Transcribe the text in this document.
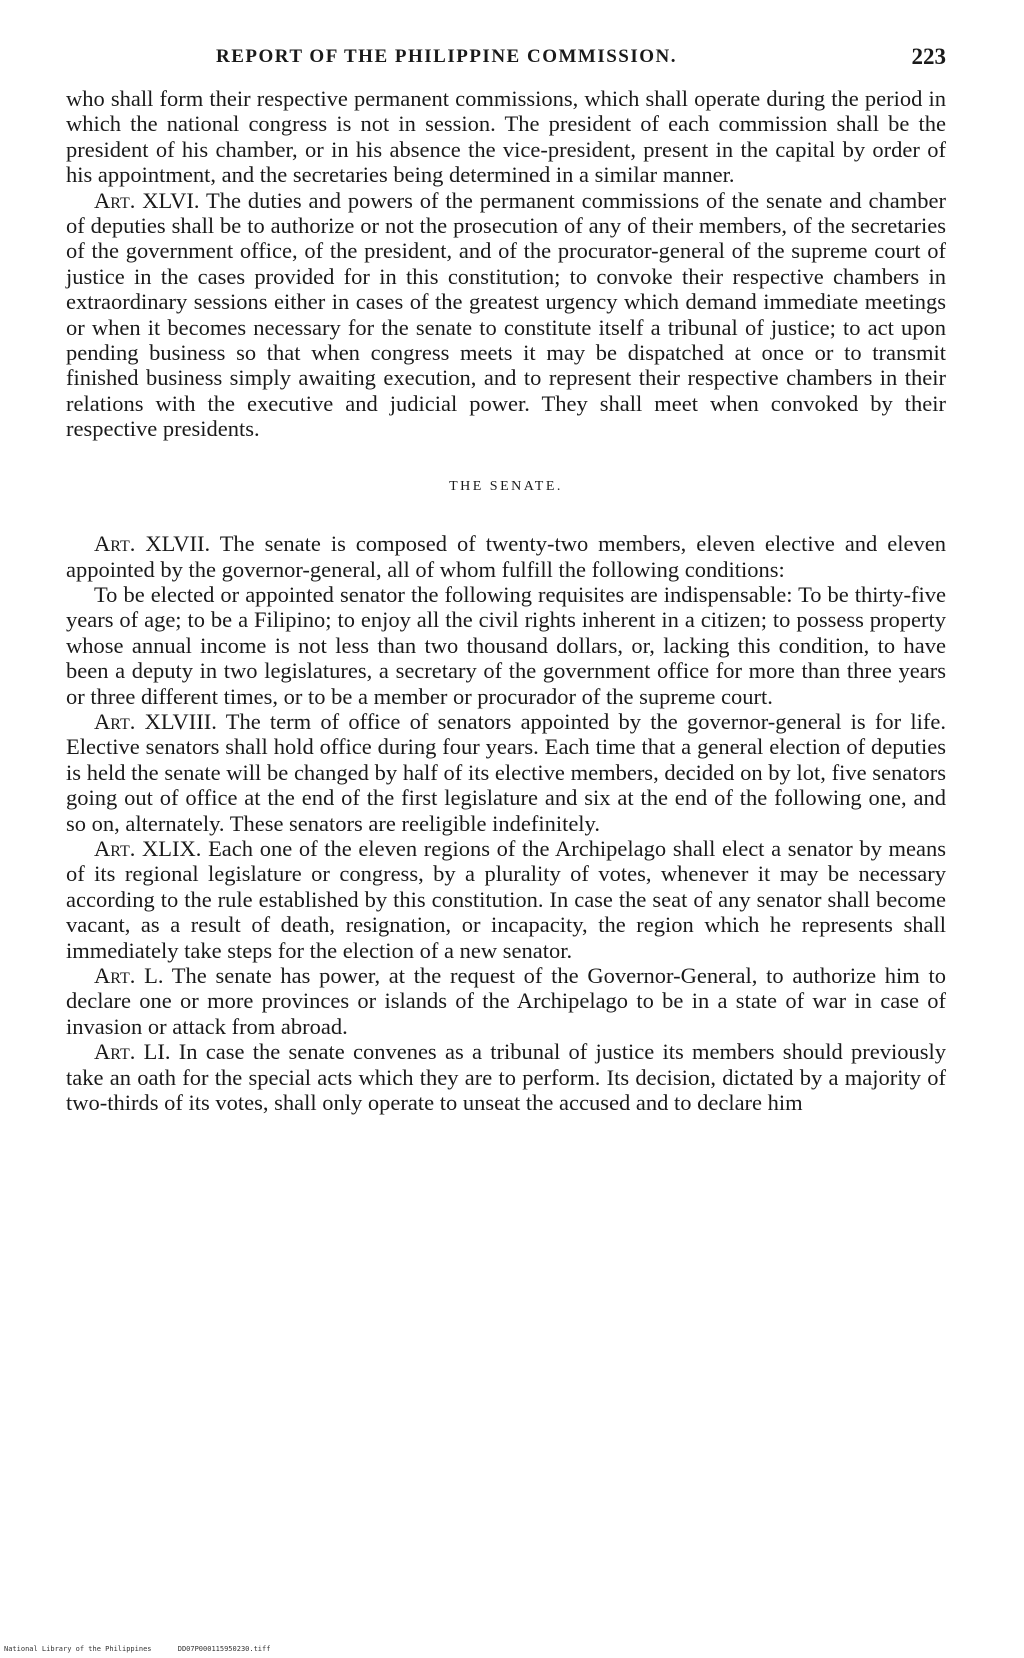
REPORT OF THE PHILIPPINE COMMISSION.	223

who shall form their respective permanent commissions, which shall operate during the period in which the national congress is not in session. The president of each commission shall be the president of his chamber, or in his absence the vice-president, present in the capital by order of his appointment, and the secretaries being determined in a similar manner.

Art. XLVI. The duties and powers of the permanent commissions of the senate and chamber of deputies shall be to authorize or not the prosecution of any of their members, of the secretaries of the government office, of the president, and of the procurator-general of the supreme court of justice in the cases provided for in this constitution; to convoke their respective chambers in extraordinary sessions either in cases of the greatest urgency which demand immediate meetings or when it becomes necessary for the senate to constitute itself a tribunal of justice; to act upon pending business so that when congress meets it may be dispatched at once or to transmit finished business simply awaiting execution, and to represent their respective chambers in their relations with the executive and judicial power. They shall meet when convoked by their respective presidents.

THE SENATE.

Art. XLVII. The senate is composed of twenty-two members, eleven elective and eleven appointed by the governor-general, all of whom fulfill the following conditions:

To be elected or appointed senator the following requisites are indispensable: To be thirty-five years of age; to be a Filipino; to enjoy all the civil rights inherent in a citizen; to possess property whose annual income is not less than two thousand dollars, or, lacking this condition, to have been a deputy in two legislatures, a secretary of the government office for more than three years or three different times, or to be a member or procurador of the supreme court.

Art. XLVIII. The term of office of senators appointed by the governor-general is for life. Elective senators shall hold office during four years. Each time that a general election of deputies is held the senate will be changed by half of its elective members, decided on by lot, five senators going out of office at the end of the first legislature and six at the end of the following one, and so on, alternately. These senators are reeligible indefinitely.

Art. XLIX. Each one of the eleven regions of the Archipelago shall elect a senator by means of its regional legislature or congress, by a plurality of votes, whenever it may be necessary according to the rule established by this constitution. In case the seat of any senator shall become vacant, as a result of death, resignation, or incapacity, the region which he represents shall immediately take steps for the election of a new senator.

Art. L. The senate has power, at the request of the Governor-General, to authorize him to declare one or more provinces or islands of the Archipelago to be in a state of war in case of invasion or attack from abroad.

Art. LI. In case the senate convenes as a tribunal of justice its members should previously take an oath for the special acts which they are to perform. Its decision, dictated by a majority of two-thirds of its votes, shall only operate to unseat the accused and to declare him

National Library of the Philippines	DD07P000115950230.tiff
